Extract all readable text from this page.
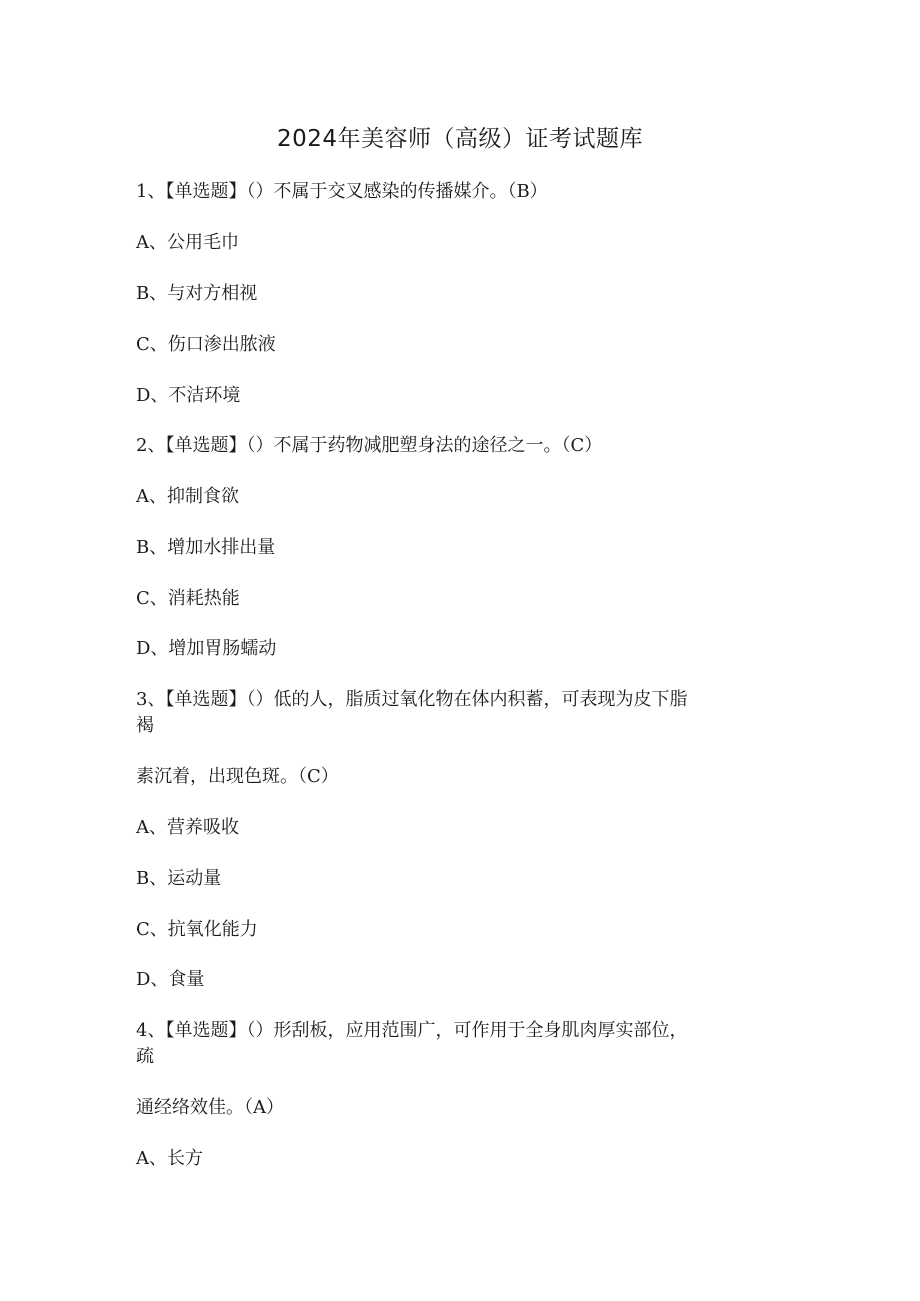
2024年美容师（高级）证考试题库

1、【单选题】（）不属于交叉感染的传播媒介。（B）

A、公用毛巾

B、与对方相视

C、伤口渗出脓液

D、不洁环境

2、【单选题】（）不属于药物减肥塑身法的途径之一。（C）

A、抑制食欲

B、增加水排出量

C、消耗热能

D、增加胃肠蠕动

3、【单选题】（）低的人，脂质过氧化物在体内积蓄，可表现为皮下脂

褐

素沉着，出现色斑。（C）

A、营养吸收

B、运动量

C、抗氧化能力

D、食量

4、【单选题】（）形刮板，应用范围广，可作用于全身肌肉厚实部位，

疏

通经络效佳。（A）

A、长方
